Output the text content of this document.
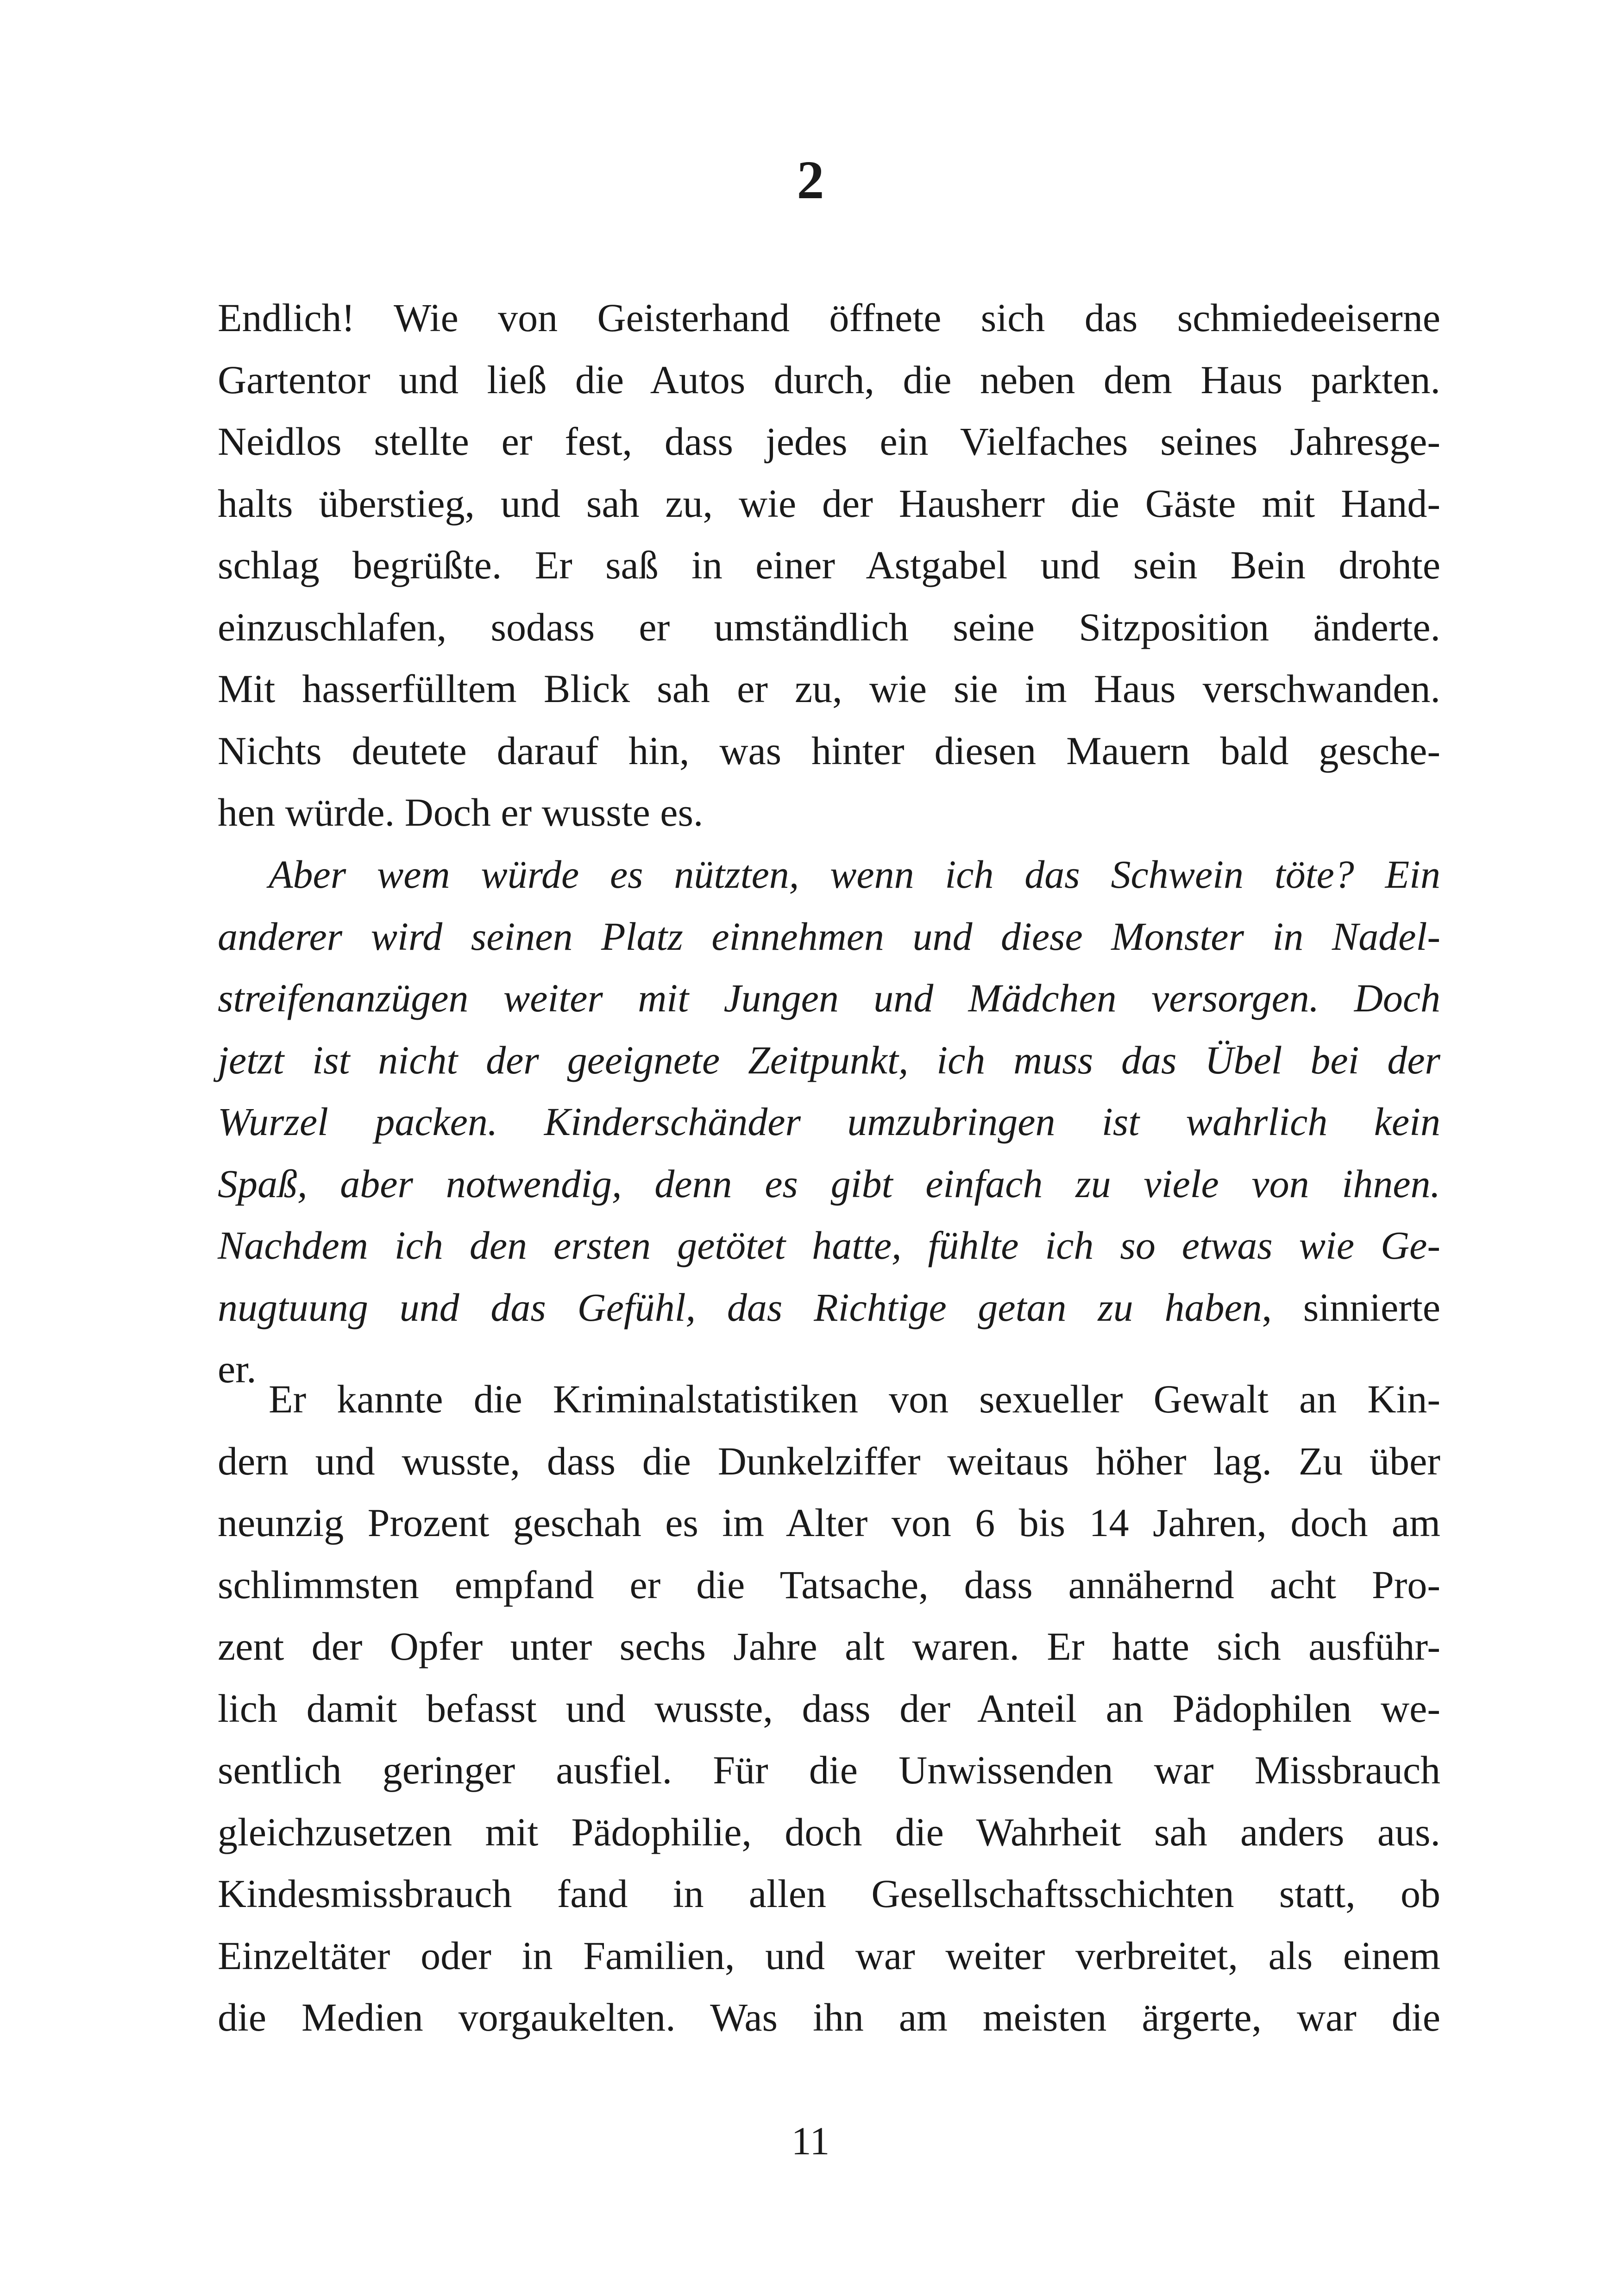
2
Endlich! Wie von Geisterhand öffnete sich das schmiedeeiserne
Gartentor und ließ die Autos durch, die neben dem Haus parkten.
Neidlos stellte er fest, dass jedes ein Vielfaches seines Jahresge-
halts überstieg, und sah zu, wie der Hausherr die Gäste mit Hand-
schlag begrüßte. Er saß in einer Astgabel und sein Bein drohte
einzuschlafen, sodass er umständlich seine Sitzposition änderte.
Mit hasserfülltem Blick sah er zu, wie sie im Haus verschwanden.
Nichts deutete darauf hin, was hinter diesen Mauern bald gesche-
hen würde. Doch er wusste es.
Aber wem würde es nützten, wenn ich das Schwein töte? Ein
anderer wird seinen Platz einnehmen und diese Monster in Nadel-
streifenanzügen weiter mit Jungen und Mädchen versorgen. Doch
jetzt ist nicht der geeignete Zeitpunkt, ich muss das Übel bei der
Wurzel packen. Kinderschänder umzubringen ist wahrlich kein
Spaß, aber notwendig, denn es gibt einfach zu viele von ihnen.
Nachdem ich den ersten getötet hatte, fühlte ich so etwas wie Ge-
nugtuung und das Gefühl, das Richtige getan zu haben, sinnierte
er.
Er kannte die Kriminalstatistiken von sexueller Gewalt an Kin-
dern und wusste, dass die Dunkelziffer weitaus höher lag. Zu über
neunzig Prozent geschah es im Alter von 6 bis 14 Jahren, doch am
schlimmsten empfand er die Tatsache, dass annähernd acht Pro-
zent der Opfer unter sechs Jahre alt waren. Er hatte sich ausführ-
lich damit befasst und wusste, dass der Anteil an Pädophilen we-
sentlich geringer ausfiel. Für die Unwissenden war Missbrauch
gleichzusetzen mit Pädophilie, doch die Wahrheit sah anders aus.
Kindesmissbrauch fand in allen Gesellschaftsschichten statt, ob
Einzeltäter oder in Familien, und war weiter verbreitet, als einem
die Medien vorgaukelten. Was ihn am meisten ärgerte, war die
11
